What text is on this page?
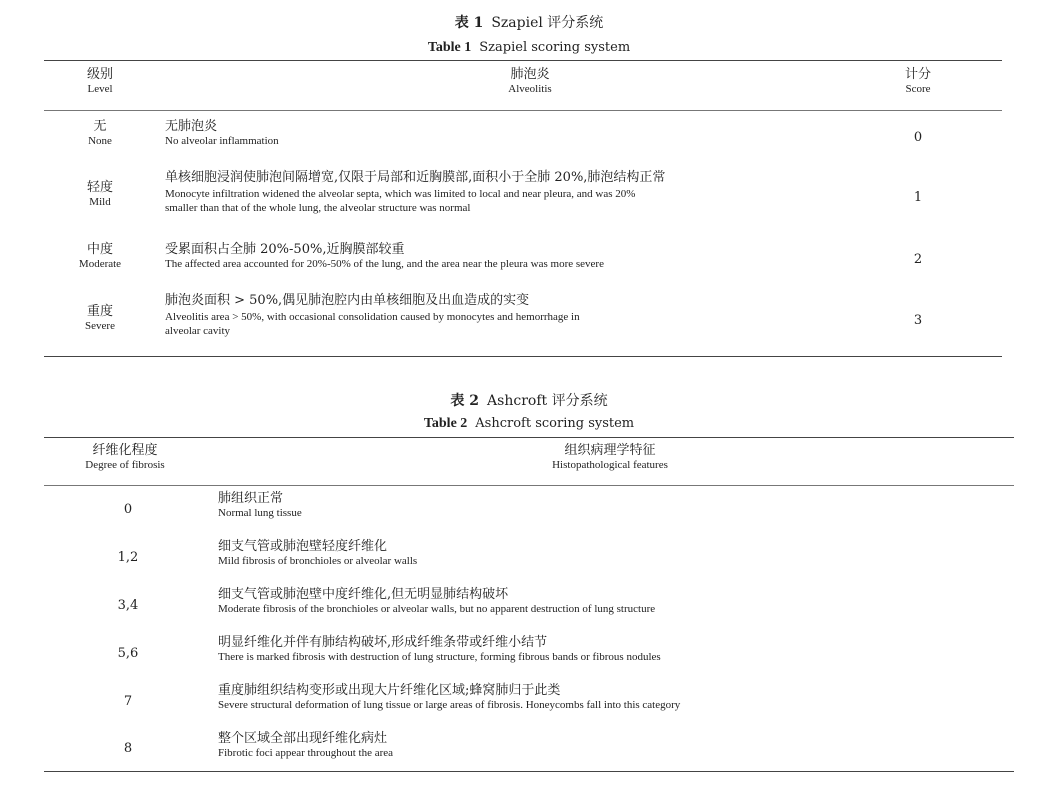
表 1 Szapiel 评分系统
Table 1 Szapiel scoring system
级别
Level
肺泡炎
Alveolitis
计分
Score
无
None
无肺泡炎
No alveolar inflammation	0
轻度
Mild
单核细胞浸润使肺泡间隔增宽,仅限于局部和近胸膜部,面积小于全肺 20%,肺泡结构正常
Monocyte infiltration widened the alveolar septa, which was limited to local and near pleura, and was 20%
smaller than that of the whole lung, the alveolar structure was normal
1
中度
Moderate
受累面积占全肺 20%-50%,近胸膜部较重
The affected area accounted for 20%-50% of the lung, and the area near the pleura was more severe	2
重度
Severe
肺泡炎面积 > 50%,偶见肺泡腔内由单核细胞及出血造成的实变
Alveolitis area > 50%, with occasional consolidation caused by monocytes and hemorrhage in
alveolar cavity
3
表 2 Ashcroft 评分系统
Table 2 Ashcroft scoring system
纤维化程度
Degree of fibrosis
组织病理学特征
Histopathological features
0
肺组织正常
Normal lung tissue
1,2
细支气管或肺泡壁轻度纤维化
Mild fibrosis of bronchioles or alveolar walls
3,4
细支气管或肺泡壁中度纤维化,但无明显肺结构破坏
Moderate fibrosis of the bronchioles or alveolar walls, but no apparent destruction of lung structure
5,6
明显纤维化并伴有肺结构破坏,形成纤维条带或纤维小结节
There is marked fibrosis with destruction of lung structure, forming fibrous bands or fibrous nodules
7
重度肺组织结构变形或出现大片纤维化区域;蜂窝肺归于此类
Severe structural deformation of lung tissue or large areas of fibrosis. Honeycombs fall into this category
8
整个区域全部出现纤维化病灶
Fibrotic foci appear throughout the area
